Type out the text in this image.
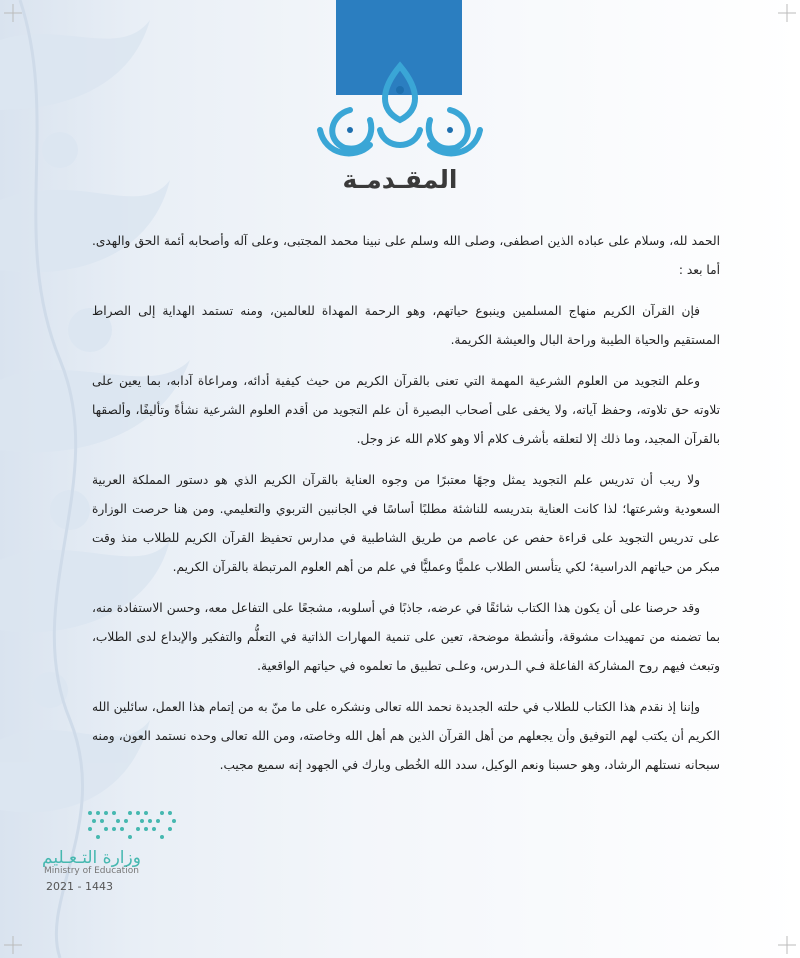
المقـدمـة

الحمد لله، وسلام على عباده الذين اصطفى، وصلى الله وسلم على نبينا محمد المجتبى، وعلى آله وأصحابه أئمة الحق والهدى. أما بعد :

فإن القرآن الكريم منهاج المسلمين وينبوع حياتهم، وهو الرحمة المهداة للعالمين، ومنه تستمد الهداية إلى الصراط المستقيم والحياة الطيبة وراحة البال والعيشة الكريمة.

وعلم التجويد من العلوم الشرعية المهمة التي تعنى بالقرآن الكريم من حيث كيفية أدائه، ومراعاة آدابه، بما يعين على تلاوته حق تلاوته، وحفظ آياته، ولا يخفى على أصحاب البصيرة أن علم التجويد من أقدم العلوم الشرعية نشأةً وتأليفًا، وألصقها بالقرآن المجيد، وما ذلك إلا لتعلقه بأشرف كلام ألا وهو كلام الله عز وجل.

ولا ريب أن تدريس علم التجويد يمثل وجهًا معتبرًا من وجوه العناية بالقرآن الكريم الذي هو دستور المملكة العربية السعودية وشرعتها؛ لذا كانت العناية بتدريسه للناشئة مطلبًا أساسًا في الجانبين التربوي والتعليمي. ومن هنا حرصت الوزارة على تدريس التجويد على قراءة حفص عن عاصم من طريق الشاطبية في مدارس تحفيظ القرآن الكريم للطلاب منذ وقت مبكر من حياتهم الدراسية؛ لكي يتأسس الطلاب علميًّا وعمليًّا في علم من أهم العلوم المرتبطة بالقرآن الكريم.

وقد حرصنا على أن يكون هذا الكتاب شائقًا في عرضه، جاذبًا في أسلوبه، مشجعًا على التفاعل معه، وحسن الاستفادة منه، بما تضمنه من تمهيدات مشوقة، وأنشطة موضحة، تعين على تنمية المهارات الذاتية في التعلُّم والتفكير والإبداع لدى الطلاب، وتبعث فيهم روح المشاركة الفاعلة فـي الـدرس، وعلـى تطبيق ما تعلموه في حياتهم الواقعية.

وإننا إذ نقدم هذا الكتاب للطلاب في حلته الجديدة نحمد الله تعالى ونشكره على ما منّ به من إتمام هذا العمل، سائلين الله الكريم أن يكتب لهم التوفيق وأن يجعلهم من أهل القرآن الذين هم أهل الله وخاصته، ومن الله تعالى وحده نستمد العون، ومنه سبحانه نستلهم الرشاد، وهو حسبنا ونعم الوكيل، سدد الله الخُطى وبارك في الجهود إنه سميع مجيب.

وزارة التـعـليم
Ministry of Education
2021 - 1443
